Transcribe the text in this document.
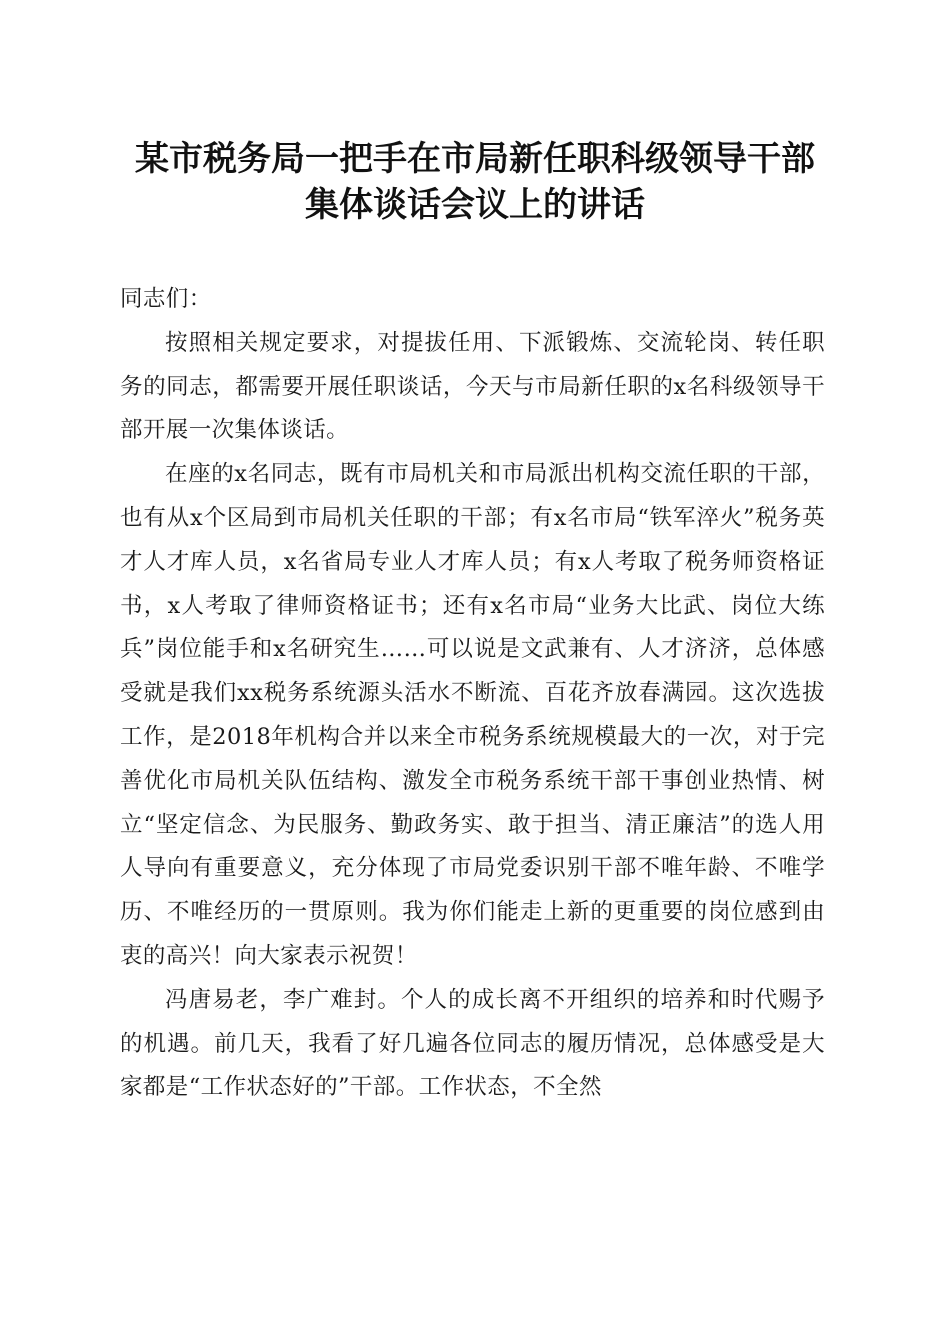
某市税务局一把手在市局新任职科级领导干部
集体谈话会议上的讲话

同志们：

按照相关规定要求，对提拔任用、下派锻炼、交流轮岗、转任职务的同志，都需要开展任职谈话，今天与市局新任职的x名科级领导干部开展一次集体谈话。

在座的x名同志，既有市局机关和市局派出机构交流任职的干部，也有从x个区局到市局机关任职的干部；有x名市局“铁军淬火”税务英才人才库人员，x名省局专业人才库人员；有x人考取了税务师资格证书，x人考取了律师资格证书；还有x名市局“业务大比武、岗位大练兵”岗位能手和x名研究生……可以说是文武兼有、人才济济，总体感受就是我们xx税务系统源头活水不断流、百花齐放春满园。这次选拔工作，是2018年机构合并以来全市税务系统规模最大的一次，对于完善优化市局机关队伍结构、激发全市税务系统干部干事创业热情、树立“坚定信念、为民服务、勤政务实、敢于担当、清正廉洁”的选人用人导向有重要意义，充分体现了市局党委识别干部不唯年龄、不唯学历、不唯经历的一贯原则。我为你们能走上新的更重要的岗位感到由衷的高兴！向大家表示祝贺！

冯唐易老，李广难封。个人的成长离不开组织的培养和时代赐予的机遇。前几天，我看了好几遍各位同志的履历情况，总体感受是大家都是“工作状态好的”干部。工作状态，不全然
